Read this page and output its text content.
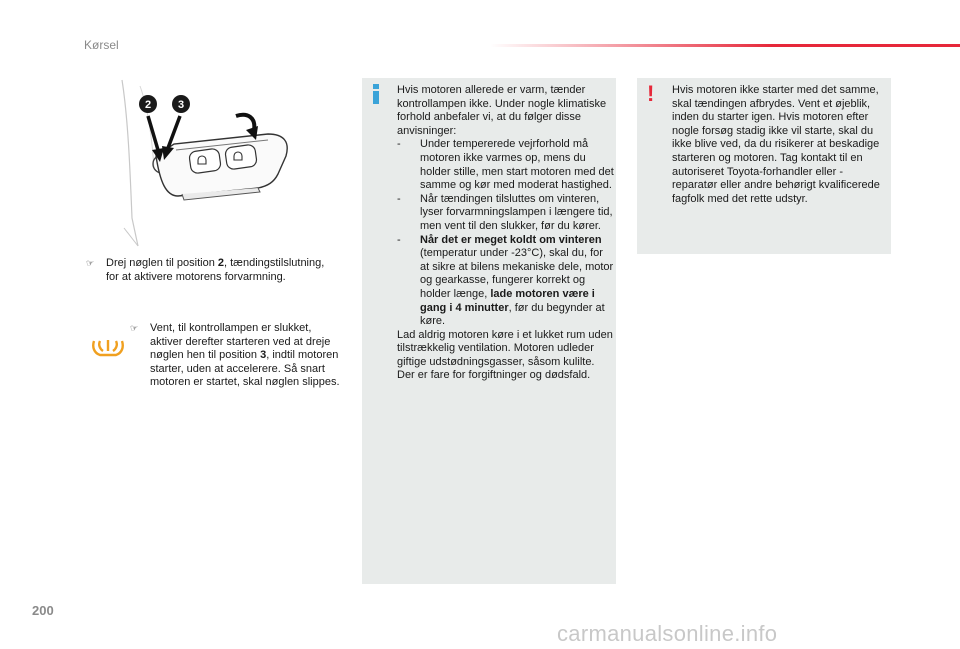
Kørsel
2 3
☞	Drej nøglen til position 2, tændingstilslutning, for at aktivere motorens forvarmning.

☞	Vent, til kontrollampen er slukket, aktiver derefter starteren ved at dreje nøglen hen til position 3, indtil motoren starter, uden at accelerere. Så snart motoren er startet, skal nøglen slippes.

Hvis motoren allerede er varm, tænder kontrollampen ikke. Under nogle klimatiske forhold anbefaler vi, at du følger disse anvisninger:

- Under tempererede vejrforhold må motoren ikke varmes op, mens du holder stille, men start motoren med det samme og kør med moderat hastighed.

- Når tændingen tilsluttes om vinteren, lyser forvarmningslampen i længere tid, men vent til den slukker, før du kører.

- Når det er meget koldt om vinteren (temperatur under -23°C), skal du, for at sikre at bilens mekaniske dele, motor og gearkasse, fungerer korrekt og holder længe, lade motoren være i gang i 4 minutter, før du begynder at køre.

Lad aldrig motoren køre i et lukket rum uden tilstrækkelig ventilation. Motoren udleder giftige udstødningsgasser, såsom kulilte. Der er fare for forgiftninger og dødsfald.

! Hvis motoren ikke starter med det samme, skal tændingen afbrydes. Vent et øjeblik, inden du starter igen. Hvis motoren efter nogle forsøg stadig ikke vil starte, skal du ikke blive ved, da du risikerer at beskadige starteren og motoren. Tag kontakt til en autoriseret Toyota-forhandler eller -reparatør eller andre behørigt kvalificerede fagfolk med det rette udstyr.

200
carmanualsonline.info
